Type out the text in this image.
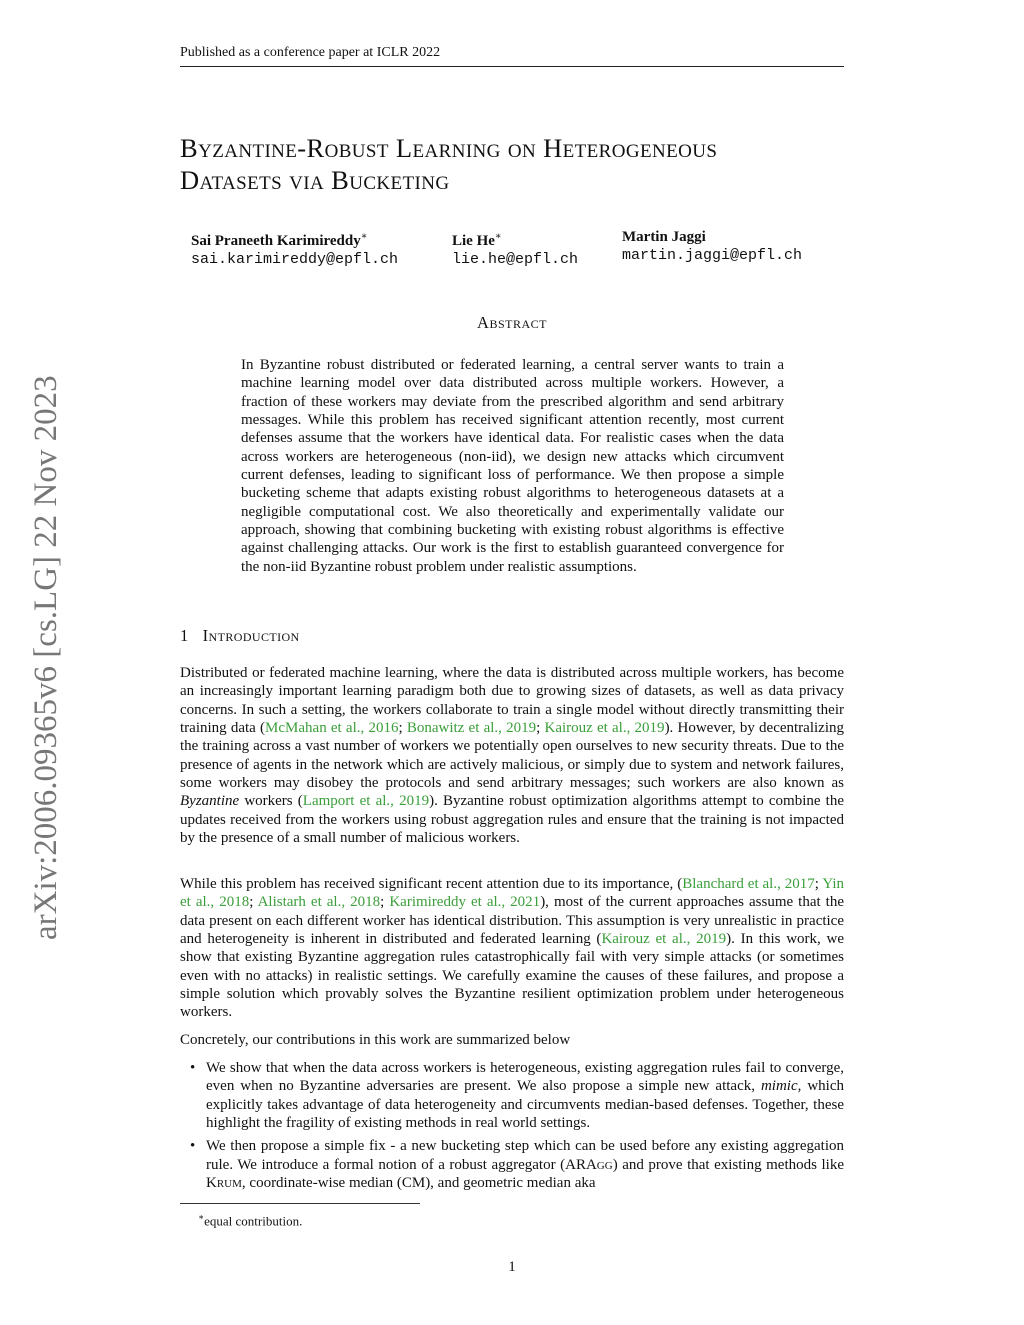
Published as a conference paper at ICLR 2022
arXiv:2006.09365v6 [cs.LG] 22 Nov 2023
Byzantine-Robust Learning on Heterogeneous
Datasets via Bucketing
Sai Praneeth Karimireddy∗
sai.karimireddy@epfl.ch
Lie He∗
lie.he@epfl.ch
Martin Jaggi
martin.jaggi@epfl.ch
Abstract
In Byzantine robust distributed or federated learning, a central server wants to train a machine learning model over data distributed across multiple workers. However, a fraction of these workers may deviate from the prescribed algorithm and send arbitrary messages. While this problem has received significant attention recently, most current defenses assume that the workers have identical data. For realistic cases when the data across workers are heterogeneous (non-iid), we design new attacks which circumvent current defenses, leading to significant loss of performance. We then propose a simple bucketing scheme that adapts existing robust algorithms to heterogeneous datasets at a negligible computational cost. We also theoretically and experimentally validate our approach, showing that combining bucketing with existing robust algorithms is effective against challenging attacks. Our work is the first to establish guaranteed convergence for the non-iid Byzantine robust problem under realistic assumptions.
1 Introduction
Distributed or federated machine learning, where the data is distributed across multiple workers, has become an increasingly important learning paradigm both due to growing sizes of datasets, as well as data privacy concerns. In such a setting, the workers collaborate to train a single model without directly transmitting their training data (McMahan et al., 2016; Bonawitz et al., 2019; Kairouz et al., 2019). However, by decentralizing the training across a vast number of workers we potentially open ourselves to new security threats. Due to the presence of agents in the network which are actively malicious, or simply due to system and network failures, some workers may disobey the protocols and send arbitrary messages; such workers are also known as Byzantine workers (Lamport et al., 2019). Byzantine robust optimization algorithms attempt to combine the updates received from the workers using robust aggregation rules and ensure that the training is not impacted by the presence of a small number of malicious workers.
While this problem has received significant recent attention due to its importance, (Blanchard et al., 2017; Yin et al., 2018; Alistarh et al., 2018; Karimireddy et al., 2021), most of the current approaches assume that the data present on each different worker has identical distribution. This assumption is very unrealistic in practice and heterogeneity is inherent in distributed and federated learning (Kairouz et al., 2019). In this work, we show that existing Byzantine aggregation rules catastrophically fail with very simple attacks (or sometimes even with no attacks) in realistic settings. We carefully examine the causes of these failures, and propose a simple solution which provably solves the Byzantine resilient optimization problem under heterogeneous workers.
Concretely, our contributions in this work are summarized below
• We show that when the data across workers is heterogeneous, existing aggregation rules fail to converge, even when no Byzantine adversaries are present. We also propose a simple new attack, mimic, which explicitly takes advantage of data heterogeneity and circumvents median-based defenses. Together, these highlight the fragility of existing methods in real world settings.
• We then propose a simple fix - a new bucketing step which can be used before any existing aggregation rule. We introduce a formal notion of a robust aggregator (ARAgg) and prove that existing methods like Krum, coordinate-wise median (CM), and geometric median aka
∗equal contribution.
1
